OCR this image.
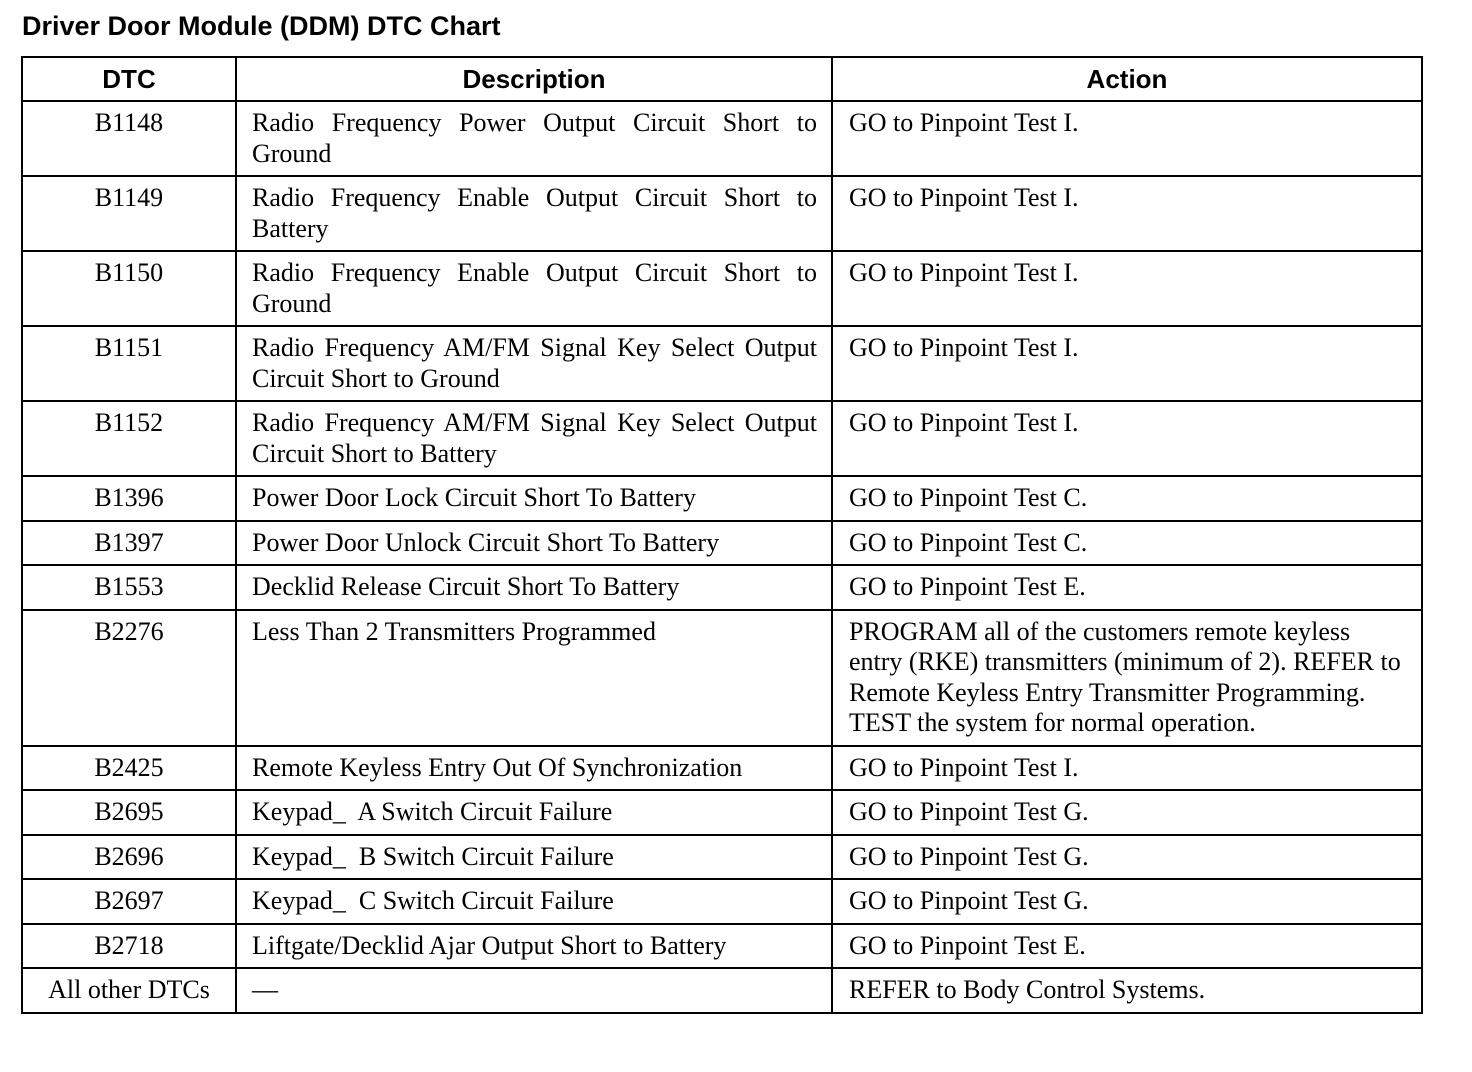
Driver Door Module (DDM) DTC Chart
DTC	Description	Action
B1148	Radio Frequency Power Output Circuit Short to Ground	GO to Pinpoint Test I.
B1149	Radio Frequency Enable Output Circuit Short to Battery	GO to Pinpoint Test I.
B1150	Radio Frequency Enable Output Circuit Short to Ground	GO to Pinpoint Test I.
B1151	Radio Frequency AM/FM Signal Key Select Output Circuit Short to Ground	GO to Pinpoint Test I.
B1152	Radio Frequency AM/FM Signal Key Select Output Circuit Short to Battery	GO to Pinpoint Test I.
B1396	Power Door Lock Circuit Short To Battery	GO to Pinpoint Test C.
B1397	Power Door Unlock Circuit Short To Battery	GO to Pinpoint Test C.
B1553	Decklid Release Circuit Short To Battery	GO to Pinpoint Test E.
B2276	Less Than 2 Transmitters Programmed	PROGRAM all of the customers remote keyless entry (RKE) transmitters (minimum of 2). REFER to Remote Keyless Entry Transmitter Programming. TEST the system for normal operation.
B2425	Remote Keyless Entry Out Of Synchronization	GO to Pinpoint Test I.
B2695	Keypad_  A Switch Circuit Failure	GO to Pinpoint Test G.
B2696	Keypad_  B Switch Circuit Failure	GO to Pinpoint Test G.
B2697	Keypad_  C Switch Circuit Failure	GO to Pinpoint Test G.
B2718	Liftgate/Decklid Ajar Output Short to Battery	GO to Pinpoint Test E.
All other DTCs	—	REFER to Body Control Systems.
